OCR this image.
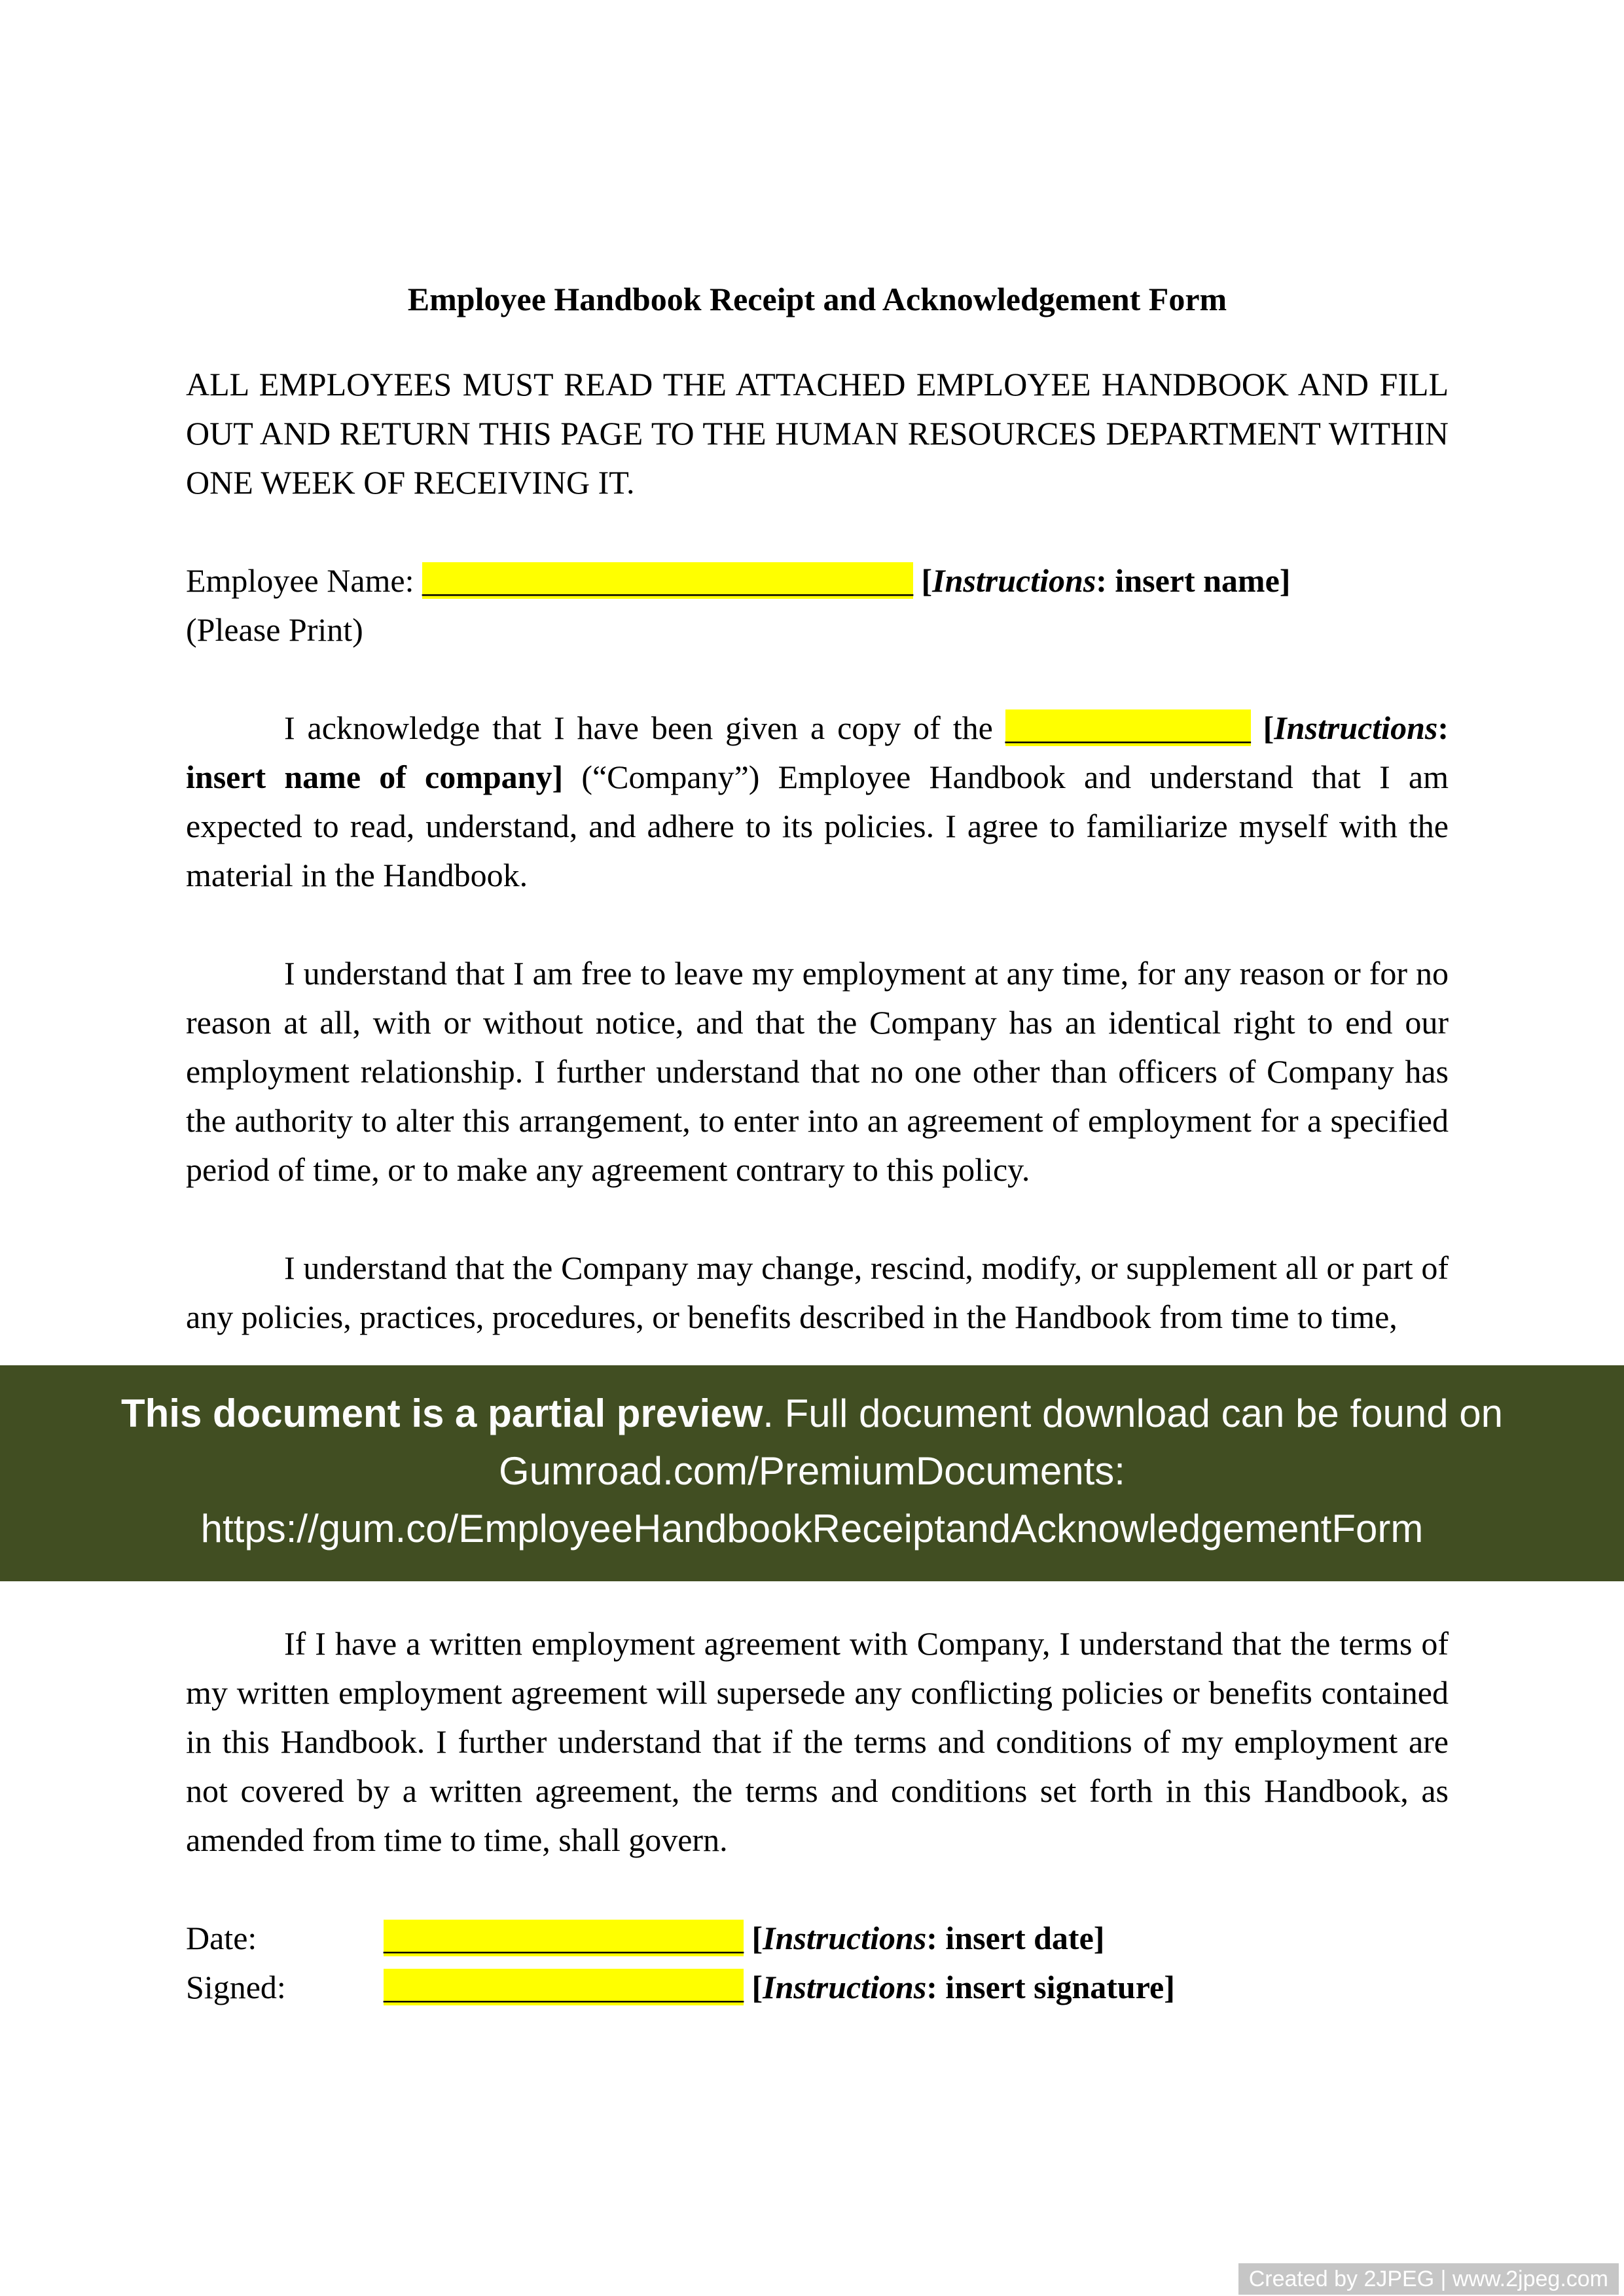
Employee Handbook Receipt and Acknowledgement Form

ALL EMPLOYEES MUST READ THE ATTACHED EMPLOYEE HANDBOOK AND FILL OUT AND RETURN THIS PAGE TO THE HUMAN RESOURCES DEPARTMENT WITHIN ONE WEEK OF RECEIVING IT.

Employee Name: ______________________________ [Instructions: insert name]
(Please Print)

I acknowledge that I have been given a copy of the _______________ [Instructions: insert name of company] (“Company”) Employee Handbook and understand that I am expected to read, understand, and adhere to its policies. I agree to familiarize myself with the material in the Handbook.

I understand that I am free to leave my employment at any time, for any reason or for no reason at all, with or without notice, and that the Company has an identical right to end our employment relationship. I further understand that no one other than officers of Company has the authority to alter this arrangement, to enter into an agreement of employment for a specified period of time, or to make any agreement contrary to this policy.

I understand that the Company may change, rescind, modify, or supplement all or part of any policies, practices, procedures, or benefits described in the Handbook from time to time,

This document is a partial preview. Full document download can be found on
Gumroad.com/PremiumDocuments:
https://gum.co/EmployeeHandbookReceiptandAcknowledgementForm

If I have a written employment agreement with Company, I understand that the terms of my written employment agreement will supersede any conflicting policies or benefits contained in this Handbook. I further understand that if the terms and conditions of my employment are not covered by a written agreement, the terms and conditions set forth in this Handbook, as amended from time to time, shall govern.

Date:	______________________ [Instructions: insert date]

Signed:	______________________ [Instructions: insert signature]

Created by 2JPEG | www.2jpeg.com
